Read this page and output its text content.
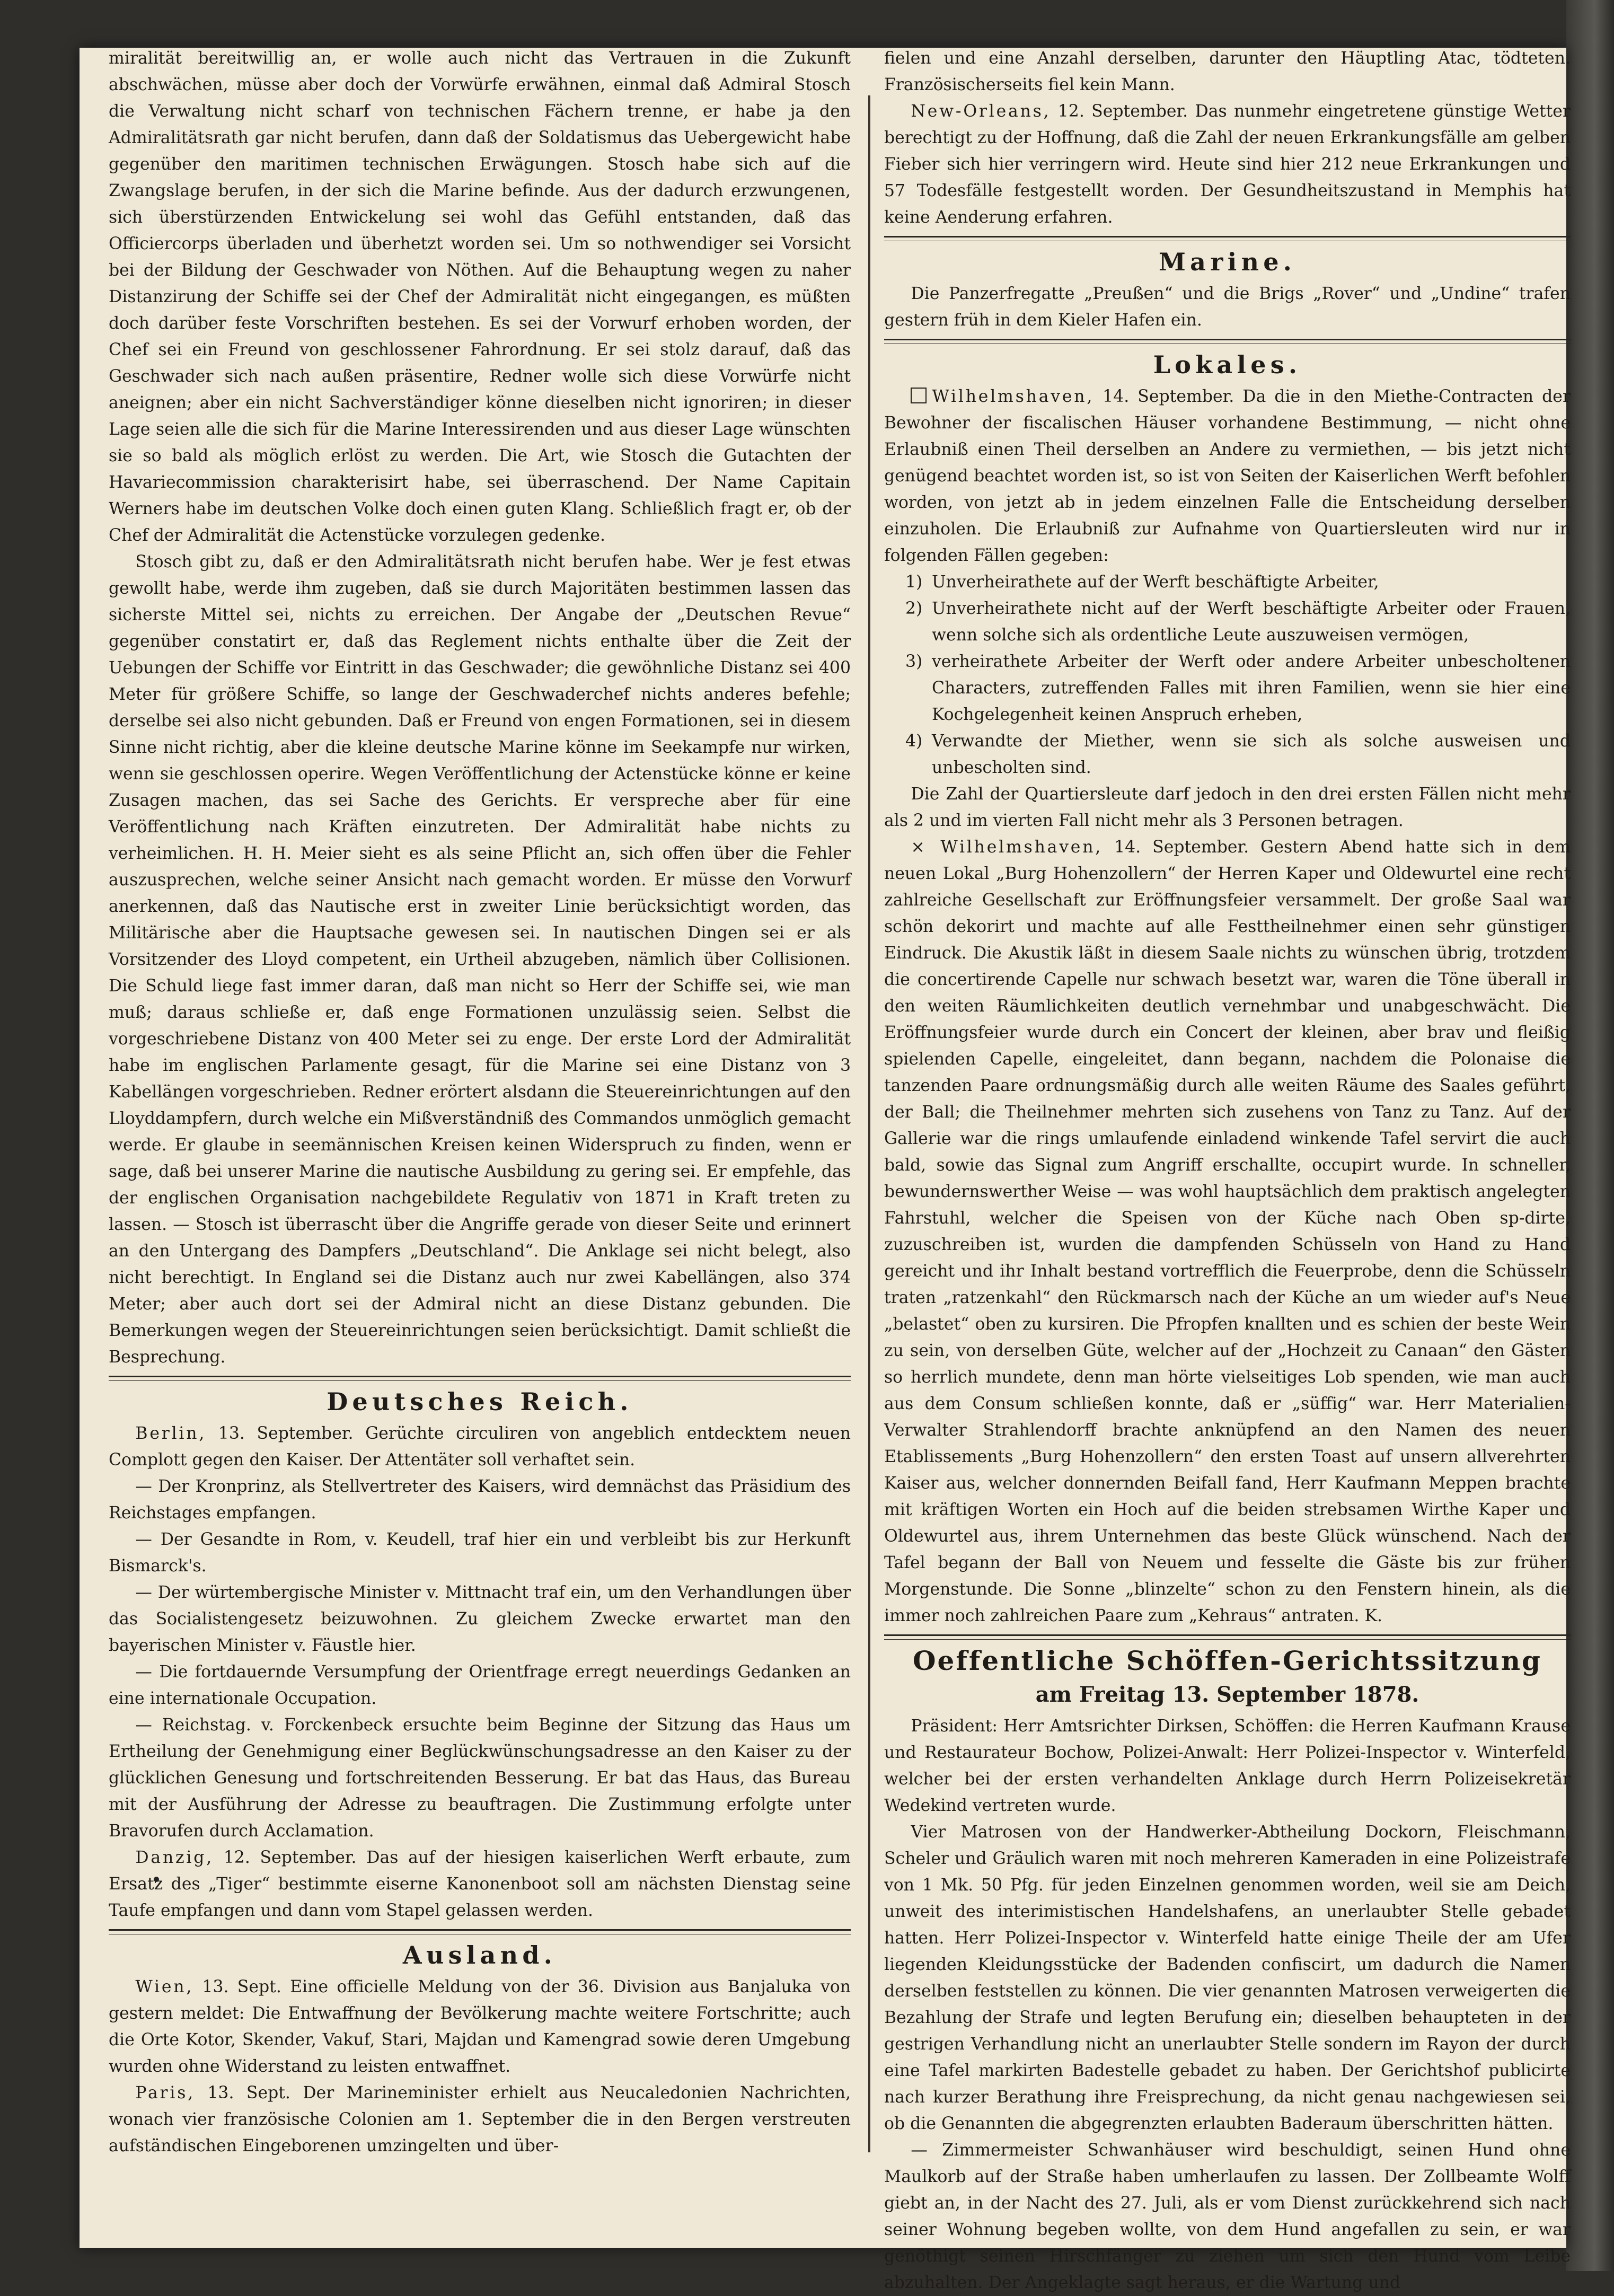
miralität bereitwillig an, er wolle auch nicht das Vertrauen in die Zukunft abschwächen, müsse aber doch der Vorwürfe erwähnen, einmal daß Admiral Stosch die Verwaltung nicht scharf von technischen Fächern trenne, er habe ja den Admiralitätsrath gar nicht berufen, dann daß der Soldatismus das Uebergewicht habe gegenüber den maritimen technischen Erwägungen. Stosch habe sich auf die Zwangslage berufen, in der sich die Marine befinde. Aus der dadurch erzwungenen, sich überstürzenden Entwickelung sei wohl das Gefühl entstanden, daß das Officiercorps überladen und überhetzt worden sei. Um so nothwendiger sei Vorsicht bei der Bildung der Geschwader von Nöthen. Auf die Behauptung wegen zu naher Distanzirung der Schiffe sei der Chef der Admiralität nicht eingegangen, es müßten doch darüber feste Vorschriften bestehen. Es sei der Vorwurf erhoben worden, der Chef sei ein Freund von geschlossener Fahrordnung. Er sei stolz darauf, daß das Geschwader sich nach außen präsentire, Redner wolle sich diese Vorwürfe nicht aneignen; aber ein nicht Sachverständiger könne dieselben nicht ignoriren; in dieser Lage seien alle die sich für die Marine Interessirenden und aus dieser Lage wünschten sie so bald als möglich erlöst zu werden. Die Art, wie Stosch die Gutachten der Havariecommission charakterisirt habe, sei überraschend. Der Name Capitain Werners habe im deutschen Volke doch einen guten Klang. Schließlich fragt er, ob der Chef der Admiralität die Actenstücke vorzulegen gedenke.

Stosch gibt zu, daß er den Admiralitätsrath nicht berufen habe. Wer je fest etwas gewollt habe, werde ihm zugeben, daß sie durch Majoritäten bestimmen lassen das sicherste Mittel sei, nichts zu erreichen. Der Angabe der „Deutschen Revue“ gegenüber constatirt er, daß das Reglement nichts enthalte über die Zeit der Uebungen der Schiffe vor Eintritt in das Geschwader; die gewöhnliche Distanz sei 400 Meter für größere Schiffe, so lange der Geschwaderchef nichts anderes befehle; derselbe sei also nicht gebunden. Daß er Freund von engen Formationen, sei in diesem Sinne nicht richtig, aber die kleine deutsche Marine könne im Seekampfe nur wirken, wenn sie geschlossen operire. Wegen Veröffentlichung der Actenstücke könne er keine Zusagen machen, das sei Sache des Gerichts. Er verspreche aber für eine Veröffentlichung nach Kräften einzutreten. Der Admiralität habe nichts zu verheimlichen. H. H. Meier sieht es als seine Pflicht an, sich offen über die Fehler auszusprechen, welche seiner Ansicht nach gemacht worden. Er müsse den Vorwurf anerkennen, daß das Nautische erst in zweiter Linie berücksichtigt worden, das Militärische aber die Hauptsache gewesen sei. In nautischen Dingen sei er als Vorsitzender des Lloyd competent, ein Urtheil abzugeben, nämlich über Collisionen. Die Schuld liege fast immer daran, daß man nicht so Herr der Schiffe sei, wie man muß; daraus schließe er, daß enge Formationen unzulässig seien. Selbst die vorgeschriebene Distanz von 400 Meter sei zu enge. Der erste Lord der Admiralität habe im englischen Parlamente gesagt, für die Marine sei eine Distanz von 3 Kabellängen vorgeschrieben. Redner erörtert alsdann die Steuereinrichtungen auf den Lloyddampfern, durch welche ein Mißverständniß des Commandos unmöglich gemacht werde. Er glaube in seemännischen Kreisen keinen Widerspruch zu finden, wenn er sage, daß bei unserer Marine die nautische Ausbildung zu gering sei. Er empfehle, das der englischen Organisation nachgebildete Regulativ von 1871 in Kraft treten zu lassen. — Stosch ist überrascht über die Angriffe gerade von dieser Seite und erinnert an den Untergang des Dampfers „Deutschland“. Die Anklage sei nicht belegt, also nicht berechtigt. In England sei die Distanz auch nur zwei Kabellängen, also 374 Meter; aber auch dort sei der Admiral nicht an diese Distanz gebunden. Die Bemerkungen wegen der Steuereinrichtungen seien berücksichtigt. Damit schließt die Besprechung.

Deutsches Reich.

Berlin, 13. September. Gerüchte circuliren von angeblich entdecktem neuen Complott gegen den Kaiser. Der Attentäter soll verhaftet sein.

— Der Kronprinz, als Stellvertreter des Kaisers, wird demnächst das Präsidium des Reichstages empfangen.

— Der Gesandte in Rom, v. Keudell, traf hier ein und verbleibt bis zur Herkunft Bismarck's.

— Der würtembergische Minister v. Mittnacht traf ein, um den Verhandlungen über das Socialistengesetz beizuwohnen. Zu gleichem Zwecke erwartet man den bayerischen Minister v. Fäustle hier.

— Die fortdauernde Versumpfung der Orientfrage erregt neuerdings Gedanken an eine internationale Occupation.

— Reichstag. v. Forckenbeck ersuchte beim Beginne der Sitzung das Haus um Ertheilung der Genehmigung einer Beglückwünschungsadresse an den Kaiser zu der glücklichen Genesung und fortschreitenden Besserung. Er bat das Haus, das Bureau mit der Ausführung der Adresse zu beauftragen. Die Zustimmung erfolgte unter Bravorufen durch Acclamation.

Danzig, 12. September. Das auf der hiesigen kaiserlichen Werft erbaute, zum Ersatz des „Tiger“ bestimmte eiserne Kanonenboot soll am nächsten Dienstag seine Taufe empfangen und dann vom Stapel gelassen werden.

Ausland.

Wien, 13. Sept. Eine officielle Meldung von der 36. Division aus Banjaluka von gestern meldet: Die Entwaffnung der Bevölkerung machte weitere Fortschritte; auch die Orte Kotor, Skender, Vakuf, Stari, Majdan und Kamengrad sowie deren Umgebung wurden ohne Widerstand zu leisten entwaffnet.

Paris, 13. Sept. Der Marineminister erhielt aus Neucaledonien Nachrichten, wonach vier französische Colonien am 1. September die in den Bergen verstreuten aufständischen Eingeborenen umzingelten und über-

fielen und eine Anzahl derselben, darunter den Häuptling Atac, tödteten. Französischerseits fiel kein Mann.

New-Orleans, 12. September. Das nunmehr eingetretene günstige Wetter berechtigt zu der Hoffnung, daß die Zahl der neuen Erkrankungsfälle am gelben Fieber sich hier verringern wird. Heute sind hier 212 neue Erkrankungen und 57 Todesfälle festgestellt worden. Der Gesundheitszustand in Memphis hat keine Aenderung erfahren.

Marine.

Die Panzerfregatte „Preußen“ und die Brigs „Rover“ und „Undine“ trafen gestern früh in dem Kieler Hafen ein.

Lokales.

Wilhelmshaven, 14. September. Da die in den Miethe-Contracten der Bewohner der fiscalischen Häuser vorhandene Bestimmung, — nicht ohne Erlaubniß einen Theil derselben an Andere zu vermiethen, — bis jetzt nicht genügend beachtet worden ist, so ist von Seiten der Kaiserlichen Werft befohlen worden, von jetzt ab in jedem einzelnen Falle die Entscheidung derselben einzuholen. Die Erlaubniß zur Aufnahme von Quartiersleuten wird nur in folgenden Fällen gegeben:

1) Unverheirathete auf der Werft beschäftigte Arbeiter,
2) Unverheirathete nicht auf der Werft beschäftigte Arbeiter oder Frauen, wenn solche sich als ordentliche Leute auszuweisen vermögen,
3) verheirathete Arbeiter der Werft oder andere Arbeiter unbescholtenen Characters, zutreffenden Falles mit ihren Familien, wenn sie hier eine Kochgelegenheit keinen Anspruch erheben,
4) Verwandte der Miether, wenn sie sich als solche ausweisen und unbescholten sind.

Die Zahl der Quartiersleute darf jedoch in den drei ersten Fällen nicht mehr als 2 und im vierten Fall nicht mehr als 3 Personen betragen.

× Wilhelmshaven, 14. September. Gestern Abend hatte sich in dem neuen Lokal „Burg Hohenzollern“ der Herren Kaper und Oldewurtel eine recht zahlreiche Gesellschaft zur Eröffnungsfeier versammelt. Der große Saal war schön dekorirt und machte auf alle Festtheilnehmer einen sehr günstigen Eindruck. Die Akustik läßt in diesem Saale nichts zu wünschen übrig, trotzdem die concertirende Capelle nur schwach besetzt war, waren die Töne überall in den weiten Räumlichkeiten deutlich vernehmbar und unabgeschwächt. Die Eröffnungsfeier wurde durch ein Concert der kleinen, aber brav und fleißig spielenden Capelle, eingeleitet, dann begann, nachdem die Polonaise die tanzenden Paare ordnungsmäßig durch alle weiten Räume des Saales geführt, der Ball; die Theilnehmer mehrten sich zusehens von Tanz zu Tanz. Auf der Gallerie war die rings umlaufende einladend winkende Tafel servirt die auch bald, sowie das Signal zum Angriff erschallte, occupirt wurde. In schneller, bewundernswerther Weise — was wohl hauptsächlich dem praktisch angelegten Fahrstuhl, welcher die Speisen von der Küche nach Oben sp-dirte, zuzuschreiben ist, wurden die dampfenden Schüsseln von Hand zu Hand gereicht und ihr Inhalt bestand vortrefflich die Feuerprobe, denn die Schüsseln traten „ratzenkahl“ den Rückmarsch nach der Küche an um wieder auf's Neue „belastet“ oben zu kursiren. Die Pfropfen knallten und es schien der beste Wein zu sein, von derselben Güte, welcher auf der „Hochzeit zu Canaan“ den Gästen so herrlich mundete, denn man hörte vielseitiges Lob spenden, wie man auch aus dem Consum schließen konnte, daß er „süffig“ war. Herr Materialien-Verwalter Strahlendorff brachte anknüpfend an den Namen des neuen Etablissements „Burg Hohenzollern“ den ersten Toast auf unsern allverehrten Kaiser aus, welcher donnernden Beifall fand, Herr Kaufmann Meppen brachte mit kräftigen Worten ein Hoch auf die beiden strebsamen Wirthe Kaper und Oldewurtel aus, ihrem Unternehmen das beste Glück wünschend. Nach der Tafel begann der Ball von Neuem und fesselte die Gäste bis zur frühen Morgenstunde. Die Sonne „blinzelte“ schon zu den Fenstern hinein, als die immer noch zahlreichen Paare zum „Kehraus“ antraten. K.

Oeffentliche Schöffen-Gerichtssitzung
am Freitag 13. September 1878.

Präsident: Herr Amtsrichter Dirksen, Schöffen: die Herren Kaufmann Krause und Restaurateur Bochow, Polizei-Anwalt: Herr Polizei-Inspector v. Winterfeld, welcher bei der ersten verhandelten Anklage durch Herrn Polizeisekretär Wedekind vertreten wurde.

Vier Matrosen von der Handwerker-Abtheilung Dockorn, Fleischmann, Scheler und Gräulich waren mit noch mehreren Kameraden in eine Polizeistrafe von 1 Mk. 50 Pfg. für jeden Einzelnen genommen worden, weil sie am Deich, unweit des interimistischen Handelshafens, an unerlaubter Stelle gebadet hatten. Herr Polizei-Inspector v. Winterfeld hatte einige Theile der am Ufer liegenden Kleidungsstücke der Badenden confiscirt, um dadurch die Namen derselben feststellen zu können. Die vier genannten Matrosen verweigerten die Bezahlung der Strafe und legten Berufung ein; dieselben behaupteten in der gestrigen Verhandlung nicht an unerlaubter Stelle sondern im Rayon der durch eine Tafel markirten Badestelle gebadet zu haben. Der Gerichtshof publicirte nach kurzer Berathung ihre Freisprechung, da nicht genau nachgewiesen sei, ob die Genannten die abgegrenzten erlaubten Baderaum überschritten hätten.

— Zimmermeister Schwanhäuser wird beschuldigt, seinen Hund ohne Maulkorb auf der Straße haben umherlaufen zu lassen. Der Zollbeamte Wolff giebt an, in der Nacht des 27. Juli, als er vom Dienst zurückkehrend sich nach seiner Wohnung begeben wollte, von dem Hund angefallen zu sein, er war genöthigt seinen Hirschfänger zu ziehen um sich den Hund vom Leibe abzuhalten. Der Angeklagte sagt heraus, er die Wartung und
